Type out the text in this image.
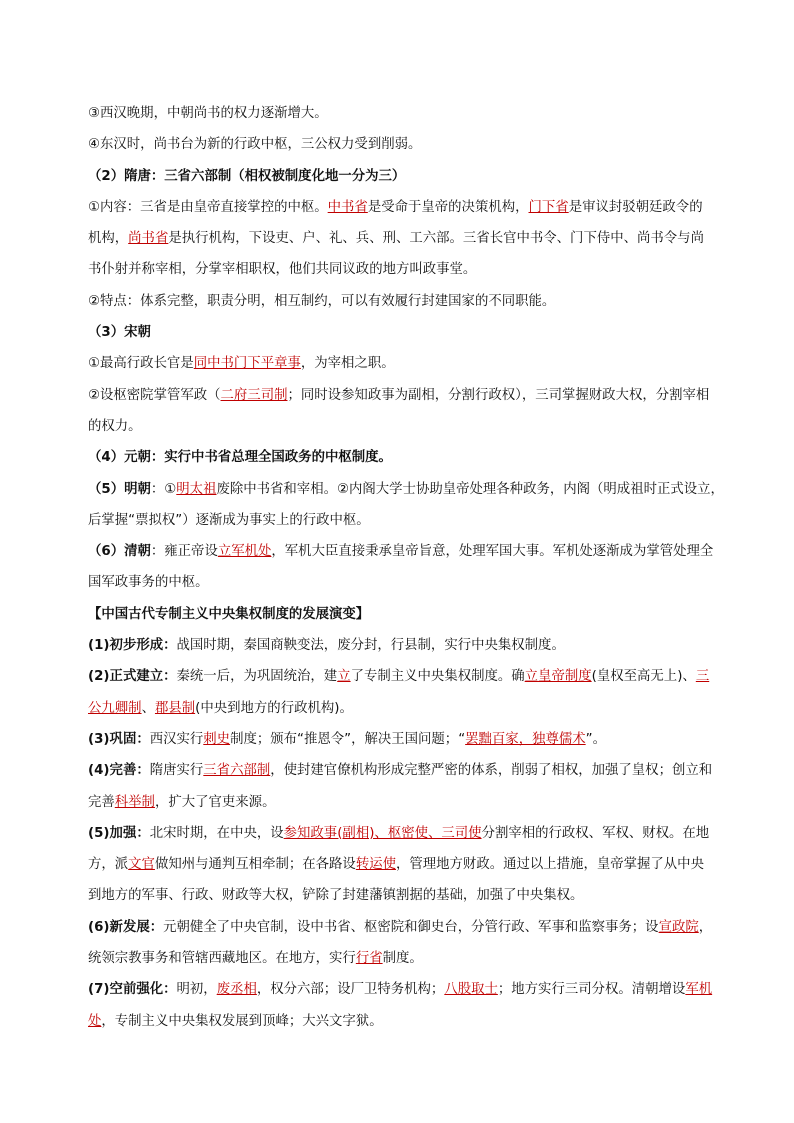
③西汉晚期，中朝尚书的权力逐渐增大。
④东汉时，尚书台为新的行政中枢，三公权力受到削弱。
（2）隋唐：三省六部制（相权被制度化地一分为三）
①内容：三省是由皇帝直接掌控的中枢。中书省是受命于皇帝的决策机构，门下省是审议封驳朝廷政令的
机构，尚书省是执行机构，下设吏、户、礼、兵、刑、工六部。三省长官中书令、门下侍中、尚书令与尚
书仆射并称宰相，分掌宰相职权，他们共同议政的地方叫政事堂。
②特点：体系完整，职责分明，相互制约，可以有效履行封建国家的不同职能。
（3）宋朝
①最高行政长官是同中书门下平章事，为宰相之职。
②设枢密院掌管军政（二府三司制；同时设参知政事为副相，分割行政权），三司掌握财政大权，分割宰相
的权力。
（4）元朝：实行中书省总理全国政务的中枢制度。
（5）明朝：①明太祖废除中书省和宰相。②内阁大学士协助皇帝处理各种政务，内阁（明成祖时正式设立，
后掌握“票拟权”）逐渐成为事实上的行政中枢。
（6）清朝：雍正帝设立军机处，军机大臣直接秉承皇帝旨意，处理军国大事。军机处逐渐成为掌管处理全
国军政事务的中枢。
【中国古代专制主义中央集权制度的发展演变】
(1)初步形成：战国时期，秦国商鞅变法，废分封，行县制，实行中央集权制度。
(2)正式建立：秦统一后，为巩固统治，建立了专制主义中央集权制度。确立皇帝制度(皇权至高无上)、三
公九卿制、郡县制(中央到地方的行政机构)。
(3)巩固：西汉实行刺史制度；颁布“推恩令”，解决王国问题；“罢黜百家，独尊儒术”。
(4)完善：隋唐实行三省六部制，使封建官僚机构形成完整严密的体系，削弱了相权，加强了皇权；创立和
完善科举制，扩大了官吏来源。
(5)加强：北宋时期，在中央，设参知政事(副相)、枢密使、三司使分割宰相的行政权、军权、财权。在地
方，派文官做知州与通判互相牵制；在各路设转运使，管理地方财政。通过以上措施，皇帝掌握了从中央
到地方的军事、行政、财政等大权，铲除了封建藩镇割据的基础，加强了中央集权。
(6)新发展：元朝健全了中央官制，设中书省、枢密院和御史台，分管行政、军事和监察事务；设宣政院，
统领宗教事务和管辖西藏地区。在地方，实行行省制度。
(7)空前强化：明初，废丞相，权分六部；设厂卫特务机构；八股取士；地方实行三司分权。清朝增设军机
处，专制主义中央集权发展到顶峰；大兴文字狱。
